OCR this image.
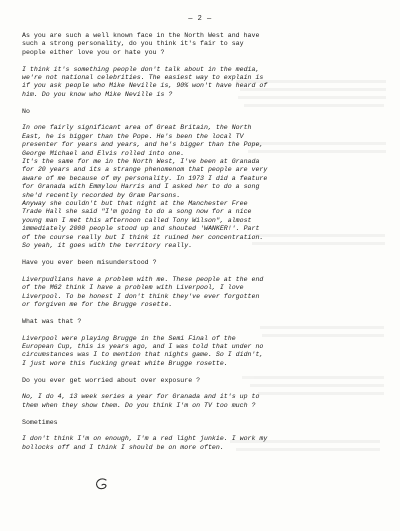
— 2 —

As you are such a well known face in the North West and have
such a strong personality, do you think it's fair to say
people either love you or hate you ?

I think it's something people don't talk about in the media,
we're not national celebrities. The easiest way to explain is
if you ask people who Mike Neville is, 90% won't have heard of
him. Do you know who Mike Neville is ?

No

In one fairly significant area of Great Britain, the North
East, he is bigger than the Pope. He's been the local TV
presenter for years and years, and he's bigger than the Pope,
George Michael and Elvis rolled into one.
It's the same for me in the North West, I've been at Granada
for 20 years and its a strange phenomenom that people are very
aware of me because of my personality. In 1973 I did a feature
for Granada with Emmylou Harris and I asked her to do a song
she'd recently recorded by Gram Parsons.
Anyway she couldn't but that night at the Manchester Free
Trade Hall she said "I'm going to do a song now for a nice
young man I met this afternoon called Tony Wilson", almost
immediately 2000 people stood up and shouted 'WANKER!'. Part
of the course really but I think it ruined her concentration.
So yeah, it goes with the territory really.

Have you ever been misunderstood ?

Liverpudlians have a problem with me. These people at the end
of the M62 think I have a problem with Liverpool, I love
Liverpool. To be honest I don't think they've ever forgotten
or forgiven me for the Brugge rosette.

What was that ?

Liverpool were playing Brugge in the Semi Final of the
European Cup, this is years ago, and I was told that under no
circumstances was I to mention that nights game. So I didn't,
I just wore this fucking great white Brugge rosette.

Do you ever get worried about over exposure ?

No, I do 4, 13 week series a year for Granada and it's up to
them when they show them. Do you think I'm on TV too much ?

Sometimes

I don't think I'm on enough, I'm a red light junkie. I work my
bollocks off and I think I should be on more often.
